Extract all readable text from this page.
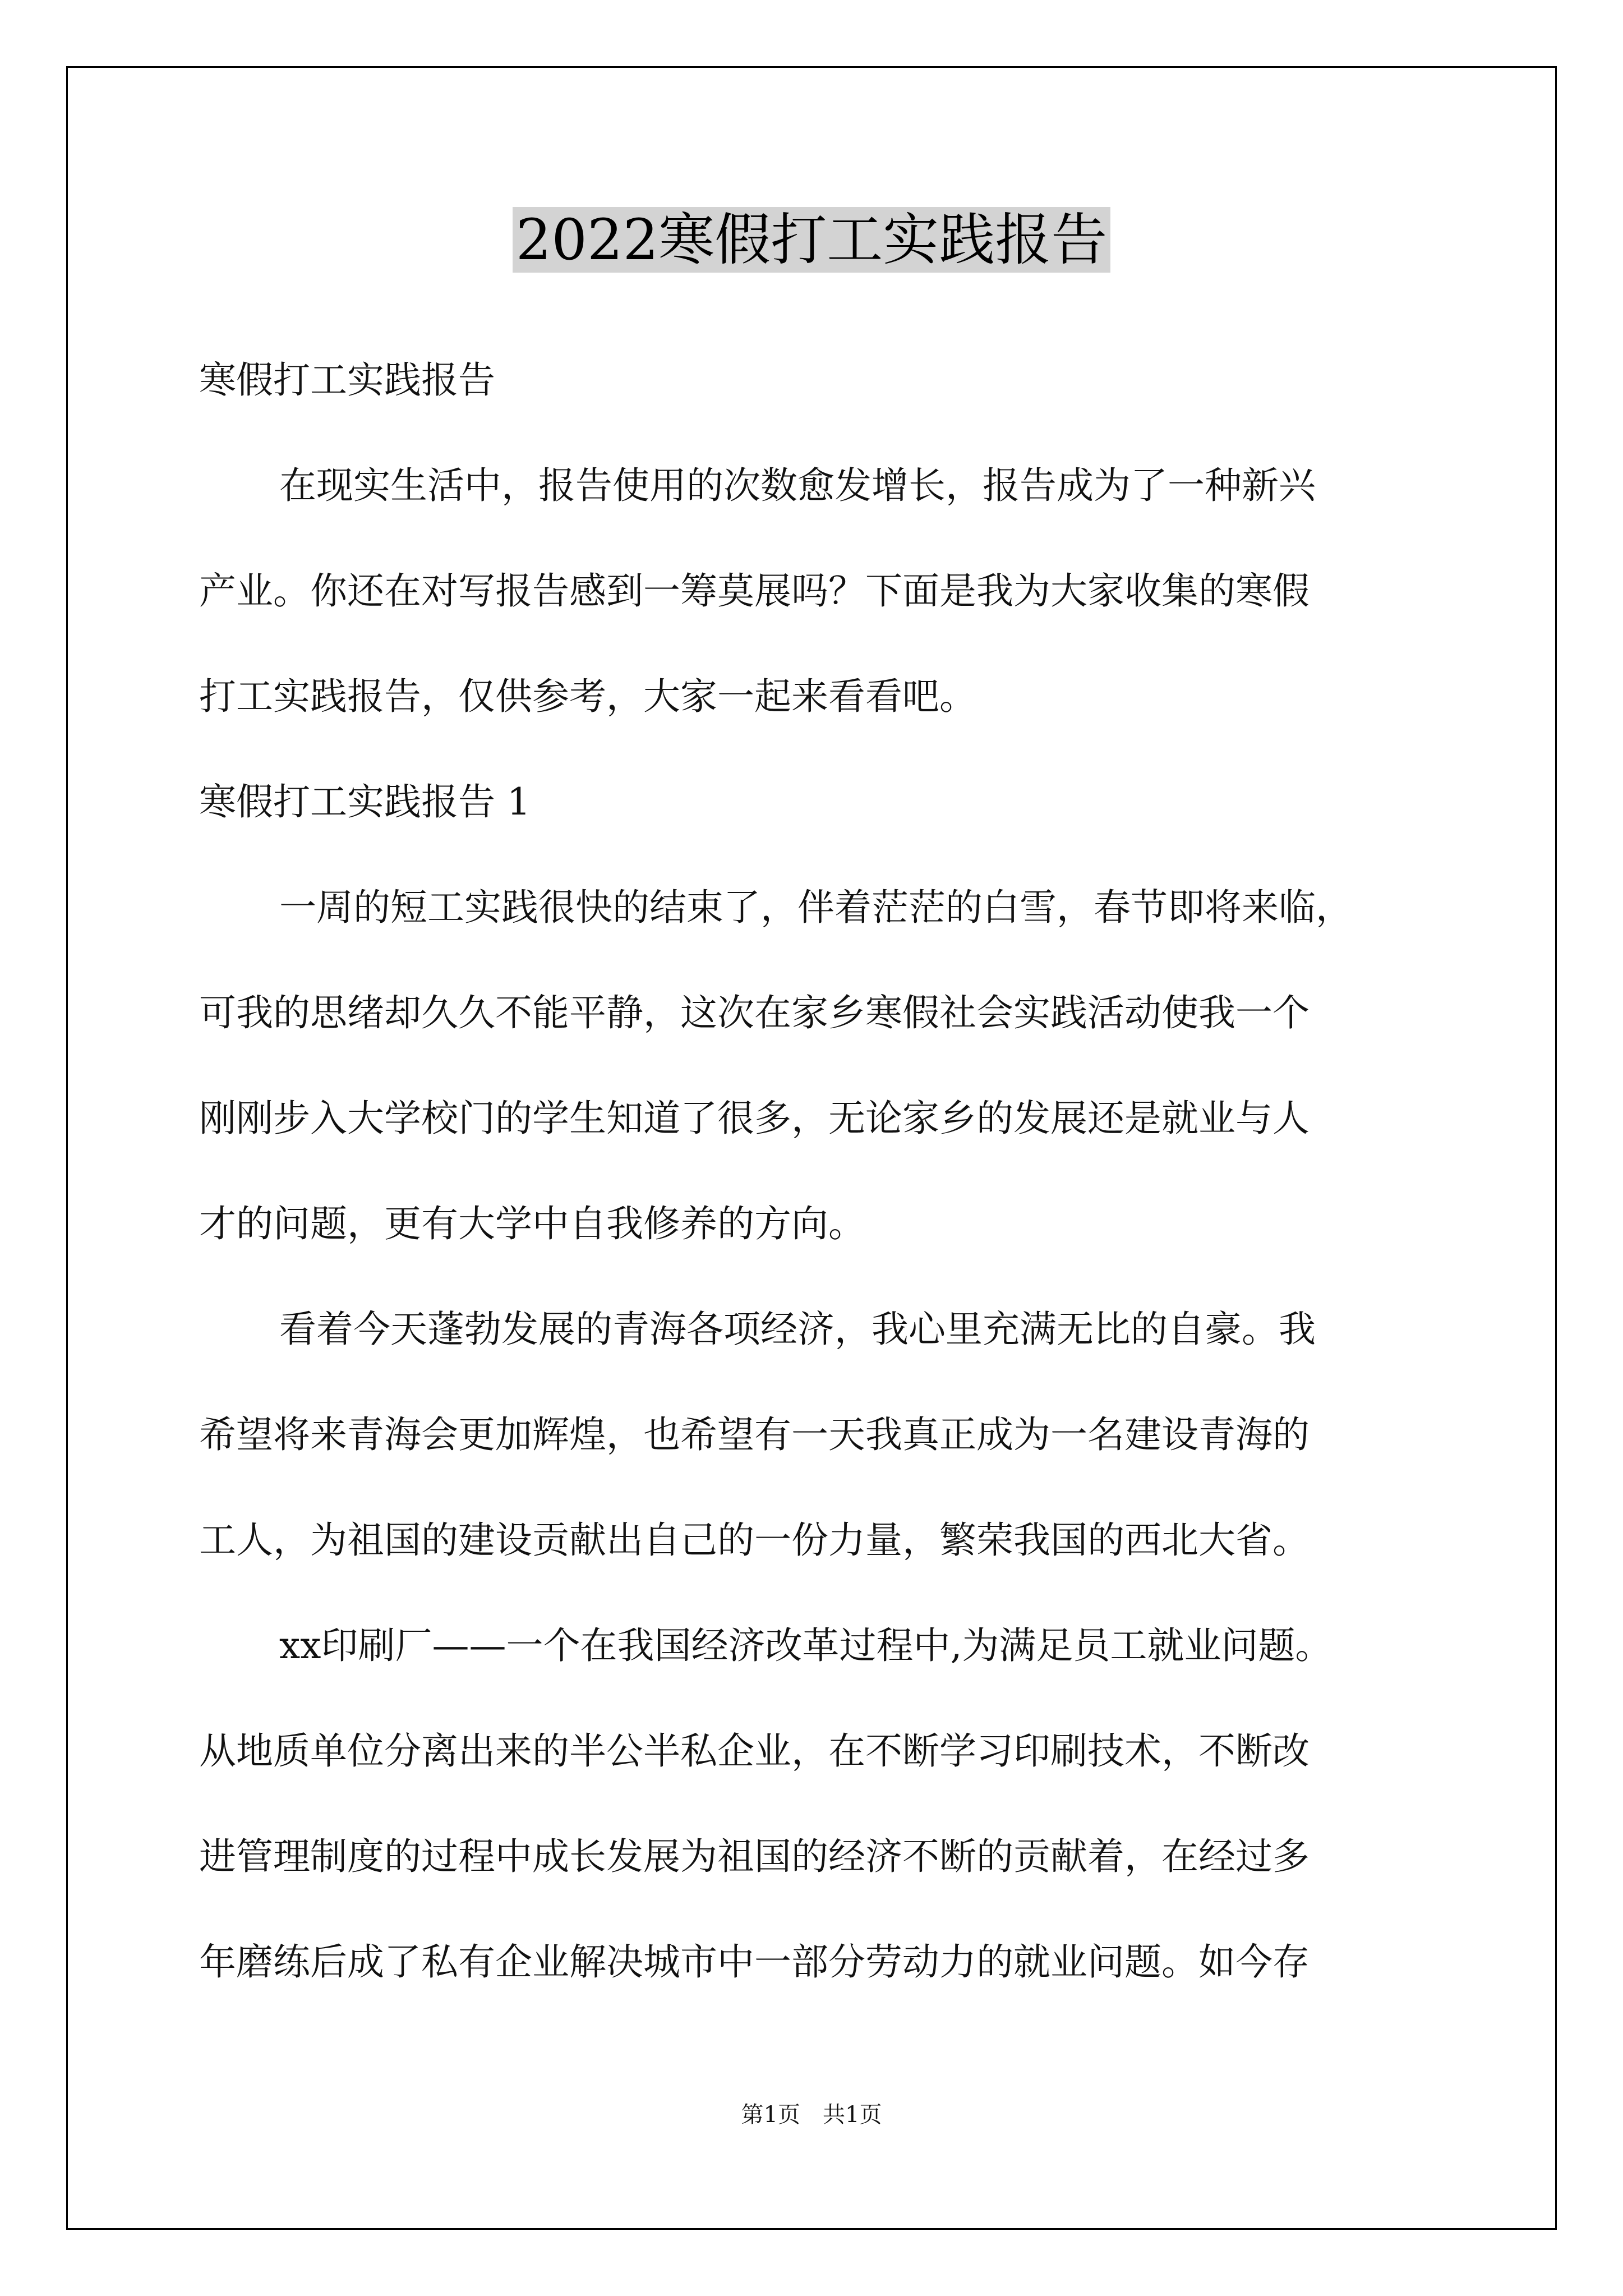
2022寒假打工实践报告
寒假打工实践报告
在现实生活中，报告使用的次数愈发增长，报告成为了一种新兴
产业。你还在对写报告感到一筹莫展吗？下面是我为大家收集的寒假
打工实践报告，仅供参考，大家一起来看看吧。
寒假打工实践报告 1
一周的短工实践很快的结束了，伴着茫茫的白雪，春节即将来临，
可我的思绪却久久不能平静，这次在家乡寒假社会实践活动使我一个
刚刚步入大学校门的学生知道了很多，无论家乡的发展还是就业与人
才的问题，更有大学中自我修养的方向。
看着今天蓬勃发展的青海各项经济，我心里充满无比的自豪。我
希望将来青海会更加辉煌，也希望有一天我真正成为一名建设青海的
工人，为祖国的建设贡献出自己的一份力量，繁荣我国的西北大省。
xx印刷厂——一个在我国经济改革过程中,为满足员工就业问题。
从地质单位分离出来的半公半私企业，在不断学习印刷技术，不断改
进管理制度的过程中成长发展为祖国的经济不断的贡献着，在经过多
年磨练后成了私有企业解决城市中一部分劳动力的就业问题。如今存
第1页　共1页
